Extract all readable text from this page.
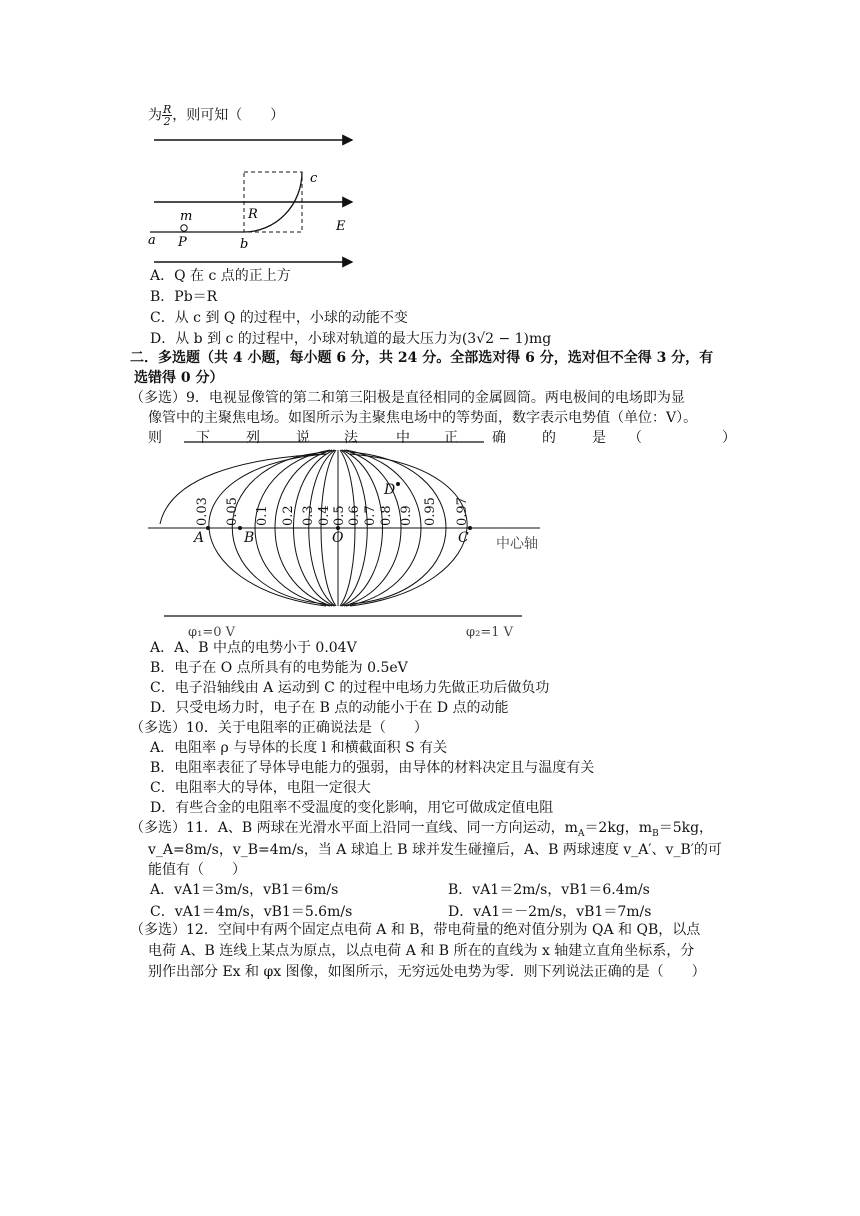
为 $\frac{R}{2}$ ，则可知（　　）
c
m	R
E
a P	b
A．Q 在 c 点的正上方
B．Pb＝R
C．从 c 到 Q 的过程中，小球的动能不变
D．从 b 到 c 的过程中，小球对轨道的最大压力为(3√2 − 1)mg
二．多选题（共 4 小题，每小题 6 分，共 24 分。全部选对得 6 分，选对但不全得 3 分，有
选错得 0 分）
（多选）9．电视显像管的第二和第三阳极是直径相同的金属圆筒。两电极间的电场即为显
像管中的主聚焦电场。如图所示为主聚焦电场中的等势面，数字表示电势值（单位：V）。
则 下	列	说 法	中 正 确	的	是 （	）
0.03 0.05 0.1 0.2 0.3 0.4 0.5 0.6 0.7 0.8 0.9 0.95 0.97
A	B	O	C
D
中心轴
φ₁=0 V	φ₂=1 V
A．A、B 中点的电势小于 0.04V
B．电子在 O 点所具有的电势能为 0.5eV
C．电子沿轴线由 A 运动到 C 的过程中电场力先做正功后做负功
D．只受电场力时，电子在 B 点的动能小于在 D 点的动能
（多选）10．关于电阻率的正确说法是（　　）
A．电阻率 ρ 与导体的长度 l 和横截面积 S 有关
B．电阻率表征了导体导电能力的强弱，由导体的材料决定且与温度有关
C．电阻率大的导体，电阻一定很大
D．有些合金的电阻率不受温度的变化影响，用它可做成定值电阻
（多选）11．A、B 两球在光滑水平面上沿同一直线、同一方向运动，$m_A=2kg$，$m_B=5kg$，
v_A=8m/s，v_B=4m/s，当 A 球追上 B 球并发生碰撞后，A、B 两球速度 v_A′、v_B′的可
能值有（　　）
A．vA1＝3m/s，vB1＝6m/s	B．vA1＝2m/s，vB1＝6.4m/s
C．vA1＝4m/s，vB1＝5.6m/s	D．vA1＝－2m/s，vB1＝7m/s
（多选）12．空间中有两个固定点电荷 A 和 B，带电荷量的绝对值分别为 QA 和 QB，以点
电荷 A、B 连线上某点为原点，以点电荷 A 和 B 所在的直线为 x 轴建立直角坐标系，分
别作出部分 Ex 和 φx 图像，如图所示，无穷远处电势为零．则下列说法正确的是（　　）
